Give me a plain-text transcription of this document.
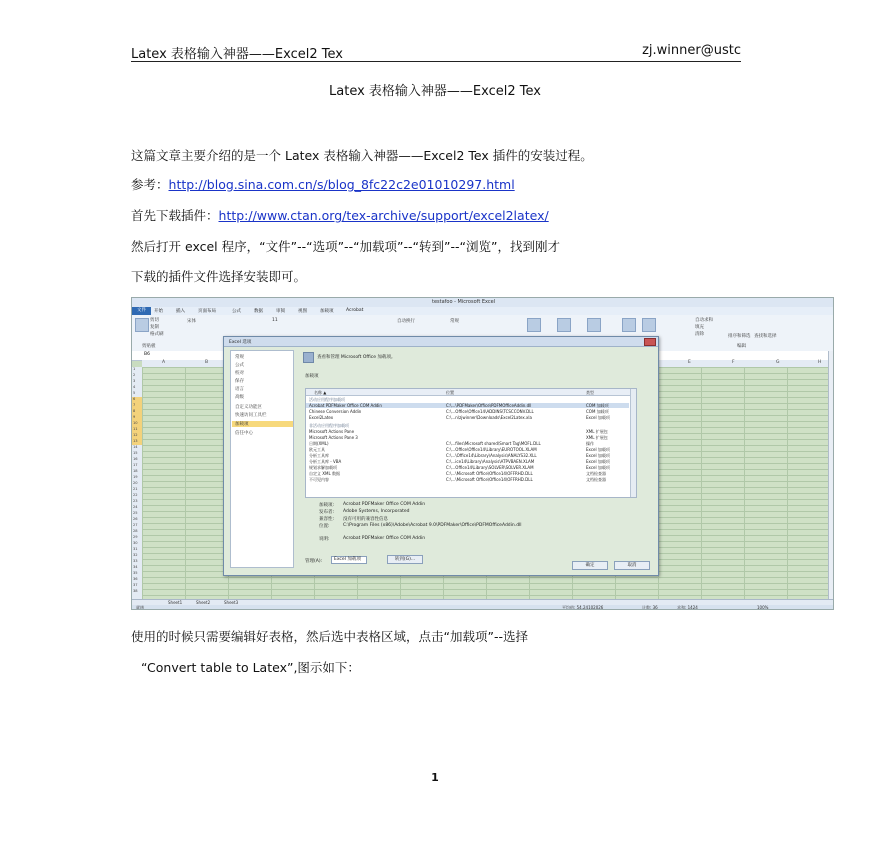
Latex 表格输入神器——Excel2 Tex	zj.winner@ustc
Latex 表格输入神器——Excel2 Tex
这篇文章主要介绍的是一个 Latex 表格输入神器——Excel2 Tex 插件的安装过程。
参考：http://blog.sina.com.cn/s/blog_8fc22c2e01010297.html
首先下载插件：http://www.ctan.org/tex-archive/support/excel2latex/
然后打开 excel 程序，“文件”--“选项”--“加载项”--“转到”--“浏览”，找到刚才
下载的插件文件选择安装即可。
testafoo - Microsoft Excel
文件	开始	插入	页面布局	公式	数据	审阅	视图	加载项	Acrobat
剪切
复制
格式刷
剪贴板
宋体	11	自动换行	常规	自动求和
填充
清除	排序和筛选 查找和选择
编辑
B6
A	B	E	F	G	H
1
2
3
4
5
6
7
8
9
10
11
12
13
14
15
16
17
18
19
20
21
22
23
24
25
26
27
28
29
30
31
32
33
34
35
36
37
38
Sheet1	Sheet2	Sheet3
就绪	平均值: 54.24102026	计数: 36	求和: 1424	100%
Excel 选项
常规
公式
校对
保存
语言
高级
自定义功能区
快速访问工具栏
加载项
信任中心
查看和管理 Microsoft Office 加载项。
加载项
名称 ▲	位置	类型
活动应用程序加载项
Acrobat PDFMaker Office COM Addin	C:\...\PDFMaker\Office\PDFMOfficeAddin.dll	COM 加载项
Chinese Conversion Addin	C:\...Office\Office14\ADDINS\TCSCCONV.DLL	COM 加载项
Excel2Latex	C:\...n\zjwinner\Downloads\Excel2Latex.xla	Excel 加载项
非活动应用程序加载项
Microsoft Actions Pane	XML 扩展包
Microsoft Actions Pane 3	XML 扩展包
日期(XML)	C:\...files\Microsoft shared\Smart Tag\MOFL.DLL	操作
欧元工具	C:\...Office\Office14\Library\EUROTOOL.XLAM	Excel 加载项
分析工具库	C:\...\Office14\Library\Analysis\ANALYS32.XLL	Excel 加载项
分析工具库 - VBA	C:\...ice14\Library\Analysis\ATPVBAEN.XLAM	Excel 加载项
规划求解加载项	C:\...Office14\Library\SOLVER\SOLVER.XLAM	Excel 加载项
自定义 XML 数据	C:\...\Microsoft Office\Office14\OFFRHD.DLL	文档检查器
不可见内容	C:\...\Microsoft Office\Office14\OFFRHD.DLL	文档检查器
加载项: Acrobat PDFMaker Office COM Addin
发布者: Adobe Systems, Incorporated
兼容性: 没有可用的兼容性信息
位置:	C:\Program Files (x86)\Adobe\Acrobat 9.0\PDFMaker\Office\PDFMOfficeAddin.dll
说明:	Acrobat PDFMaker Office COM Addin
管理(A):	Excel 加载项	转到(G)...
确定	取消
使用的时候只需要编辑好表格，然后选中表格区域，点击“加载项”--选择
“Convert table to Latex”,图示如下：
1
